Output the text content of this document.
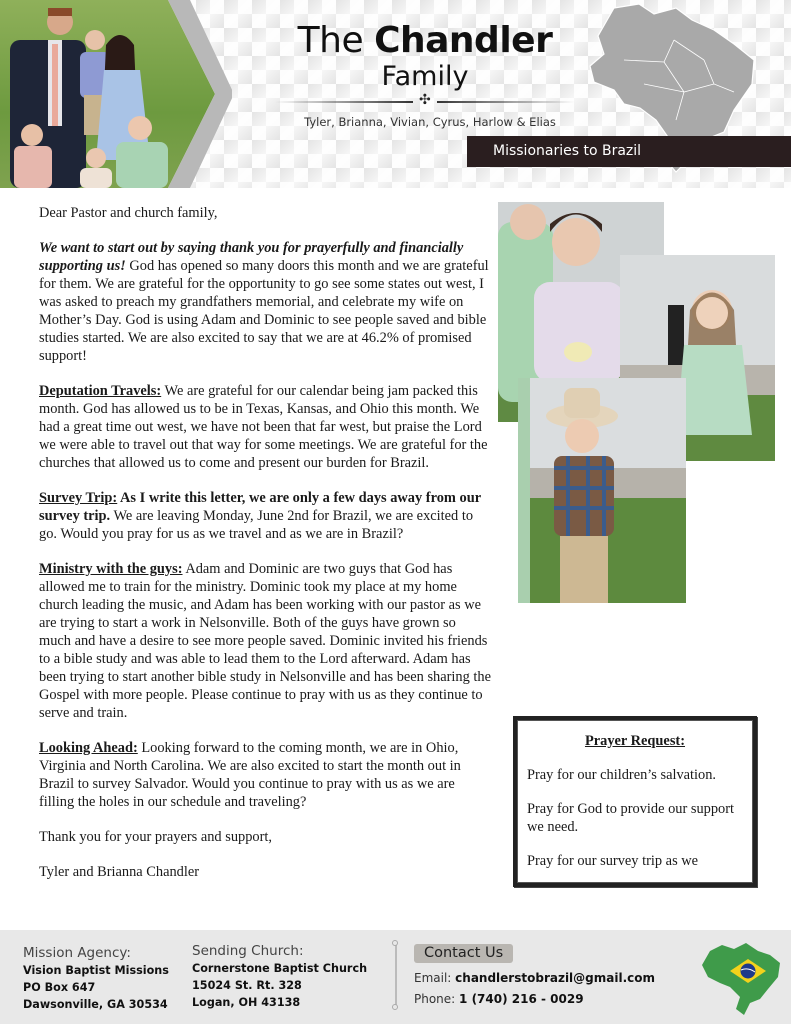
The Chandler
Family
✣
Tyler, Brianna, Vivian, Cyrus, Harlow & Elias
Missionaries to Brazil

Dear Pastor and church family,

We want to start out by saying thank you for prayerfully and financially supporting us! God has opened so many doors this month and we are grateful for them. We are grateful for the opportunity to go see some states out west, I was asked to preach my grandfathers memorial, and celebrate my wife on Mother’s Day. God is using Adam and Dominic to see people saved and bible studies started. We are also excited to say that we are at 46.2% of promised support!

Deputation Travels: We are grateful for our calendar being jam packed this month. God has allowed us to be in Texas, Kansas, and Ohio this month. We had a great time out west, we have not been that far west, but praise the Lord we were able to travel out that way for some meetings. We are grateful for the churches that allowed us to come and present our burden for Brazil.

Survey Trip: As I write this letter, we are only a few days away from our survey trip. We are leaving Monday, June 2nd for Brazil, we are excited to go. Would you pray for us as we travel and as we are in Brazil?

Ministry with the guys: Adam and Dominic are two guys that God has allowed me to train for the ministry. Dominic took my place at my home church leading the music, and Adam has been working with our pastor as we are trying to start a work in Nelsonville. Both of the guys have grown so much and have a desire to see more people saved. Dominic invited his friends to a bible study and was able to lead them to the Lord afterward. Adam has been trying to start another bible study in Nelsonville and has been sharing the Gospel with more people. Please continue to pray with us as they continue to serve and train.

Looking Ahead: Looking forward to the coming month, we are in Ohio, Virginia and North Carolina. We are also excited to start the month out in Brazil to survey Salvador. Would you continue to pray with us as we are filling the holes in our schedule and traveling?

Thank you for your prayers and support,

Tyler and Brianna Chandler

Prayer Request:
Pray for our children’s salvation.
Pray for God to provide our support we need.
Pray for our survey trip as we
Mission Agency:
Vision Baptist Missions
PO Box 647
Dawsonville, GA 30534
Sending Church:
Cornerstone Baptist Church
15024 St. Rt. 328
Logan, OH 43138
Contact Us
Email: chandlerstobrazil@gmail.com
Phone: 1 (740) 216 - 0029
